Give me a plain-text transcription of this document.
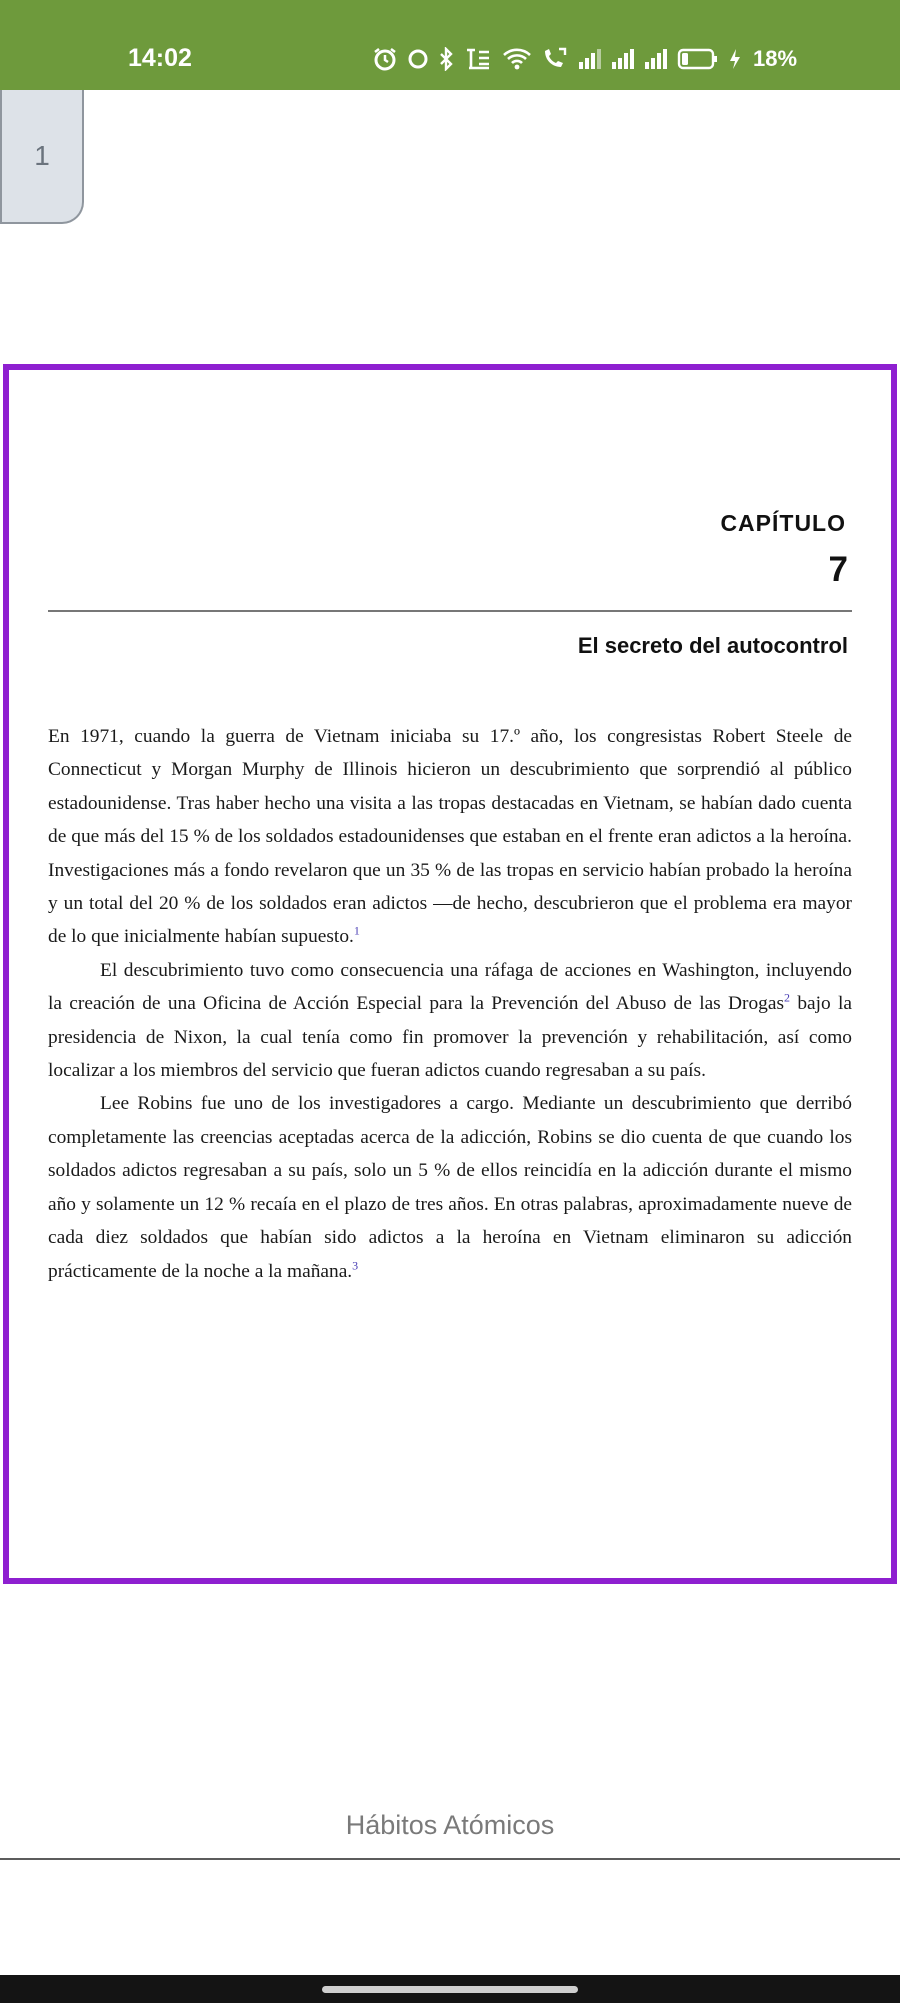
14:02	18%
1
CAPÍTULO
7
El secreto del autocontrol

En 1971, cuando la guerra de Vietnam iniciaba su 17.º año, los congresistas Robert Steele de Connecticut y Morgan Murphy de Illinois hicieron un descubrimiento que sorprendió al público estadounidense. Tras haber hecho una visita a las tropas destacadas en Vietnam, se habían dado cuenta de que más del 15 % de los soldados estadounidenses que estaban en el frente eran adictos a la heroína. Investigaciones más a fondo revelaron que un 35 % de las tropas en servicio habían probado la heroína y un total del 20 % de los soldados eran adictos —de hecho, descubrieron que el problema era mayor de lo que inicialmente habían supuesto.$^1$

El descubrimiento tuvo como consecuencia una ráfaga de acciones en Washington, incluyendo la creación de una Oficina de Acción Especial para la Prevención del Abuso de las Drogas$^2$ bajo la presidencia de Nixon, la cual tenía como fin promover la prevención y rehabilitación, así como localizar a los miembros del servicio que fueran adictos cuando regresaban a su país.

Lee Robins fue uno de los investigadores a cargo. Mediante un descubrimiento que derribó completamente las creencias aceptadas acerca de la adicción, Robins se dio cuenta de que cuando los soldados adictos regresaban a su país, solo un 5 % de ellos reincidía en la adicción durante el mismo año y solamente un 12 % recaía en el plazo de tres años. En otras palabras, aproximadamente nueve de cada diez soldados que habían sido adictos a la heroína en Vietnam eliminaron su adicción prácticamente de la noche a la mañana.$^3$

Hábitos Atómicos
